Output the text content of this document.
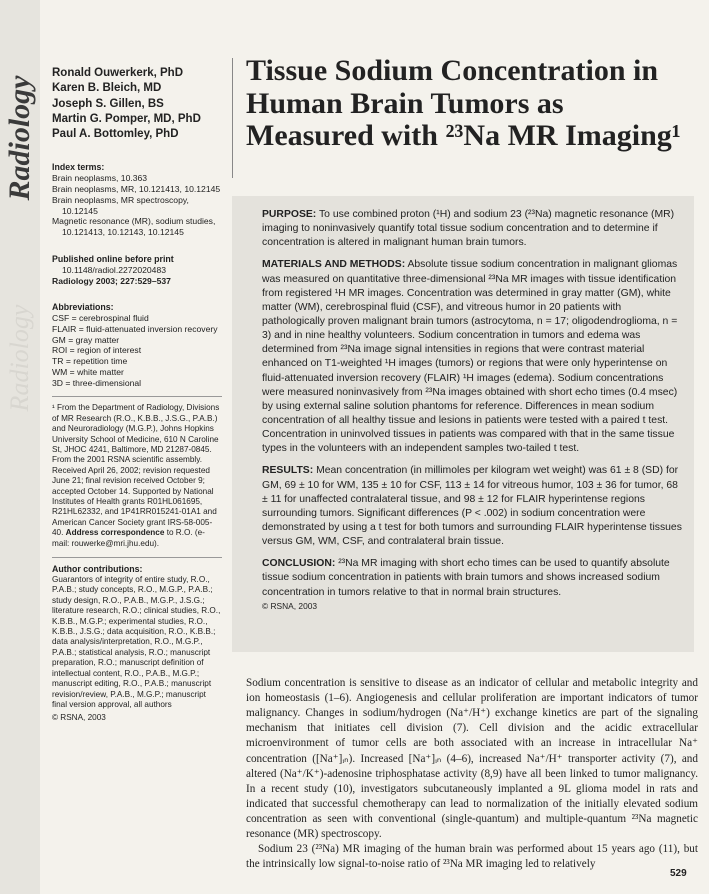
Radiology
Radiology
Ronald Ouwerkerk, PhD
Karen B. Bleich, MD
Joseph S. Gillen, BS
Martin G. Pomper, MD, PhD
Paul A. Bottomley, PhD
Index terms:
Brain neoplasms, 10.363
Brain neoplasms, MR, 10.121413, 10.12145
Brain neoplasms, MR spectroscopy, 10.12145
Magnetic resonance (MR), sodium studies, 10.121413, 10.12143, 10.12145
Published online before print
10.1148/radiol.2272020483
Radiology 2003; 227:529–537
Abbreviations:
CSF = cerebrospinal fluid
FLAIR = fluid-attenuated inversion recovery
GM = gray matter
ROI = region of interest
TR = repetition time
WM = white matter
3D = three-dimensional
¹ From the Department of Radiology, Divisions of MR Research (R.O., K.B.B., J.S.G., P.A.B.) and Neuroradiology (M.G.P.), Johns Hopkins University School of Medicine, 610 N Caroline St, JHOC 4241, Baltimore, MD 21287-0845. From the 2001 RSNA scientific assembly. Received April 26, 2002; revision requested June 21; final revision received October 9; accepted October 14. Supported by National Institutes of Health grants R01HL061695, R21HL62332, and 1P41RR015241-01A1 and American Cancer Society grant IRS-58-005-40. Address correspondence to R.O. (e-mail: rouwerke@mri.jhu.edu).
Author contributions:
Guarantors of integrity of entire study, R.O., P.A.B.; study concepts, R.O., M.G.P., P.A.B.; study design, R.O., P.A.B., M.G.P., J.S.G.; literature research, R.O.; clinical studies, R.O., K.B.B., M.G.P.; experimental studies, R.O., K.B.B., J.S.G.; data acquisition, R.O., K.B.B.; data analysis/interpretation, R.O., M.G.P., P.A.B.; statistical analysis, R.O.; manuscript preparation, R.O.; manuscript definition of intellectual content, R.O., P.A.B., M.G.P.; manuscript editing, R.O., P.A.B.; manuscript revision/review, P.A.B., M.G.P.; manuscript final version approval, all authors
© RSNA, 2003
Tissue Sodium Concentration in Human Brain Tumors as Measured with ²³Na MR Imaging¹

PURPOSE: To use combined proton (¹H) and sodium 23 (²³Na) magnetic resonance (MR) imaging to noninvasively quantify total tissue sodium concentration and to determine if concentration is altered in malignant human brain tumors.

MATERIALS AND METHODS: Absolute tissue sodium concentration in malignant gliomas was measured on quantitative three-dimensional ²³Na MR images with tissue identification from registered ¹H MR images. Concentration was determined in gray matter (GM), white matter (WM), cerebrospinal fluid (CSF), and vitreous humor in 20 patients with pathologically proven malignant brain tumors (astrocytoma, n = 17; oligodendroglioma, n = 3) and in nine healthy volunteers. Sodium concentration in tumors and edema was determined from ²³Na image signal intensities in regions that were contrast material enhanced on T1-weighted ¹H images (tumors) or regions that were only hyperintense on fluid-attenuated inversion recovery (FLAIR) ¹H images (edema). Sodium concentrations were measured noninvasively from ²³Na images obtained with short echo times (0.4 msec) by using external saline solution phantoms for reference. Differences in mean sodium concentration of all healthy tissue and lesions in patients were tested with a paired t test. Concentration in uninvolved tissues in patients was compared with that in the same tissue types in the volunteers with an independent samples two-tailed t test.

RESULTS: Mean concentration (in millimoles per kilogram wet weight) was 61 ± 8 (SD) for GM, 69 ± 10 for WM, 135 ± 10 for CSF, 113 ± 14 for vitreous humor, 103 ± 36 for tumor, 68 ± 11 for unaffected contralateral tissue, and 98 ± 12 for FLAIR hyperintense regions surrounding tumors. Significant differences (P < .002) in sodium concentration were demonstrated by using a t test for both tumors and surrounding FLAIR hyperintense tissues versus GM, WM, CSF, and contralateral brain tissue.

CONCLUSION: ²³Na MR imaging with short echo times can be used to quantify absolute tissue sodium concentration in patients with brain tumors and shows increased sodium concentration in tumors relative to that in normal brain structures.
© RSNA, 2003

Sodium concentration is sensitive to disease as an indicator of cellular and metabolic integrity and ion homeostasis (1–6). Angiogenesis and cellular proliferation are important indicators of tumor malignancy. Changes in sodium/hydrogen (Na⁺/H⁺) exchange kinetics are part of the signaling mechanism that initiates cell division (7). Cell division and the acidic extracellular microenvironment of tumor cells are both associated with an increase in intracellular Na⁺ concentration ([Na⁺]ᵢₙ). Increased [Na⁺]ᵢₙ (4–6), increased Na⁺/H⁺ transporter activity (7), and altered (Na⁺/K⁺)-adenosine triphosphatase activity (8,9) have all been linked to tumor malignancy. In a recent study (10), investigators subcutaneously implanted a 9L glioma model in rats and indicated that successful chemotherapy can lead to normalization of the initially elevated sodium concentration as seen with conventional (single-quantum) and multiple-quantum ²³Na magnetic resonance (MR) spectroscopy.

Sodium 23 (²³Na) MR imaging of the human brain was performed about 15 years ago (11), but the intrinsically low signal-to-noise ratio of ²³Na MR imaging led to relatively

529
